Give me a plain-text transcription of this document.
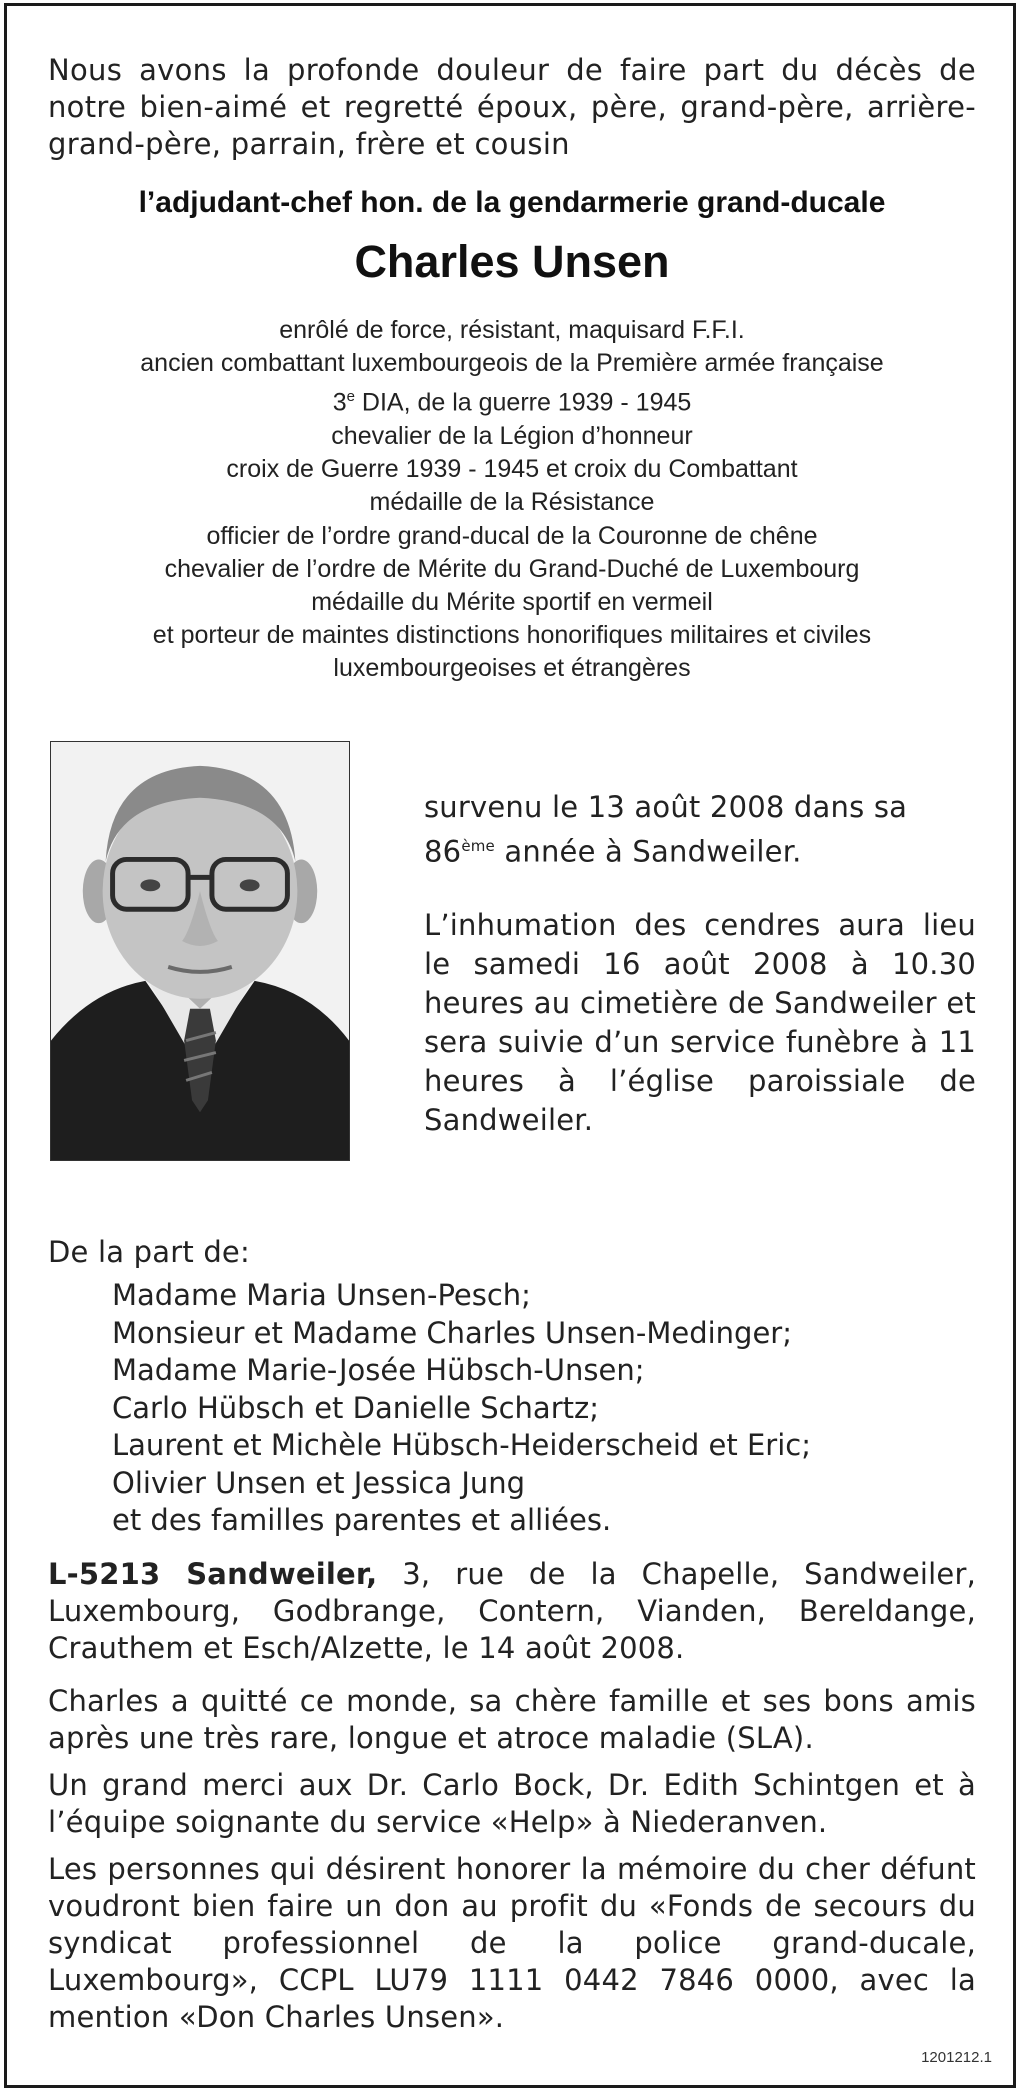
Nous avons la profonde douleur de faire part du décès de notre bien-aimé et regretté époux, père, grand-père, arrière-grand-père, parrain, frère et cousin

l’adjudant-chef hon. de la gendarmerie grand-ducale
Charles Unsen
enrôlé de force, résistant, maquisard F.F.I.
ancien combattant luxembourgeois de la Première armée française
3e DIA, de la guerre 1939 - 1945
chevalier de la Légion d’honneur
croix de Guerre 1939 - 1945 et croix du Combattant
médaille de la Résistance
officier de l’ordre grand-ducal de la Couronne de chêne
chevalier de l’ordre de Mérite du Grand-Duché de Luxembourg
médaille du Mérite sportif en vermeil
et porteur de maintes distinctions honorifiques militaires et civiles
luxembourgeoises et étrangères

survenu le 13 août 2008 dans sa
86ème année à Sandweiler.

L’inhumation des cendres aura lieu le samedi 16 août 2008 à 10.30 heures au cimetière de Sandweiler et sera suivie d’un service funèbre à 11 heures à l’église paroissiale de Sandweiler.

De la part de:

Madame Maria Unsen-Pesch;
Monsieur et Madame Charles Unsen-Medinger;
Madame Marie-Josée Hübsch-Unsen;
Carlo Hübsch et Danielle Schartz;
Laurent et Michèle Hübsch-Heiderscheid et Eric;
Olivier Unsen et Jessica Jung
et des familles parentes et alliées.

L-5213 Sandweiler, 3, rue de la Chapelle, Sandweiler, Luxembourg, Godbrange, Contern, Vianden, Bereldange, Crauthem et Esch/Alzette, le 14 août 2008.

Charles a quitté ce monde, sa chère famille et ses bons amis après une très rare, longue et atroce maladie (SLA).

Un grand merci aux Dr. Carlo Bock, Dr. Edith Schintgen et à l’équipe soignante du service «Help» à Niederanven.

Les personnes qui désirent honorer la mémoire du cher défunt voudront bien faire un don au profit du «Fonds de secours du syndicat professionnel de la police grand-ducale, Luxembourg», CCPL LU79 1111 0442 7846 0000, avec la mention «Don Charles Unsen».

1201212.1
